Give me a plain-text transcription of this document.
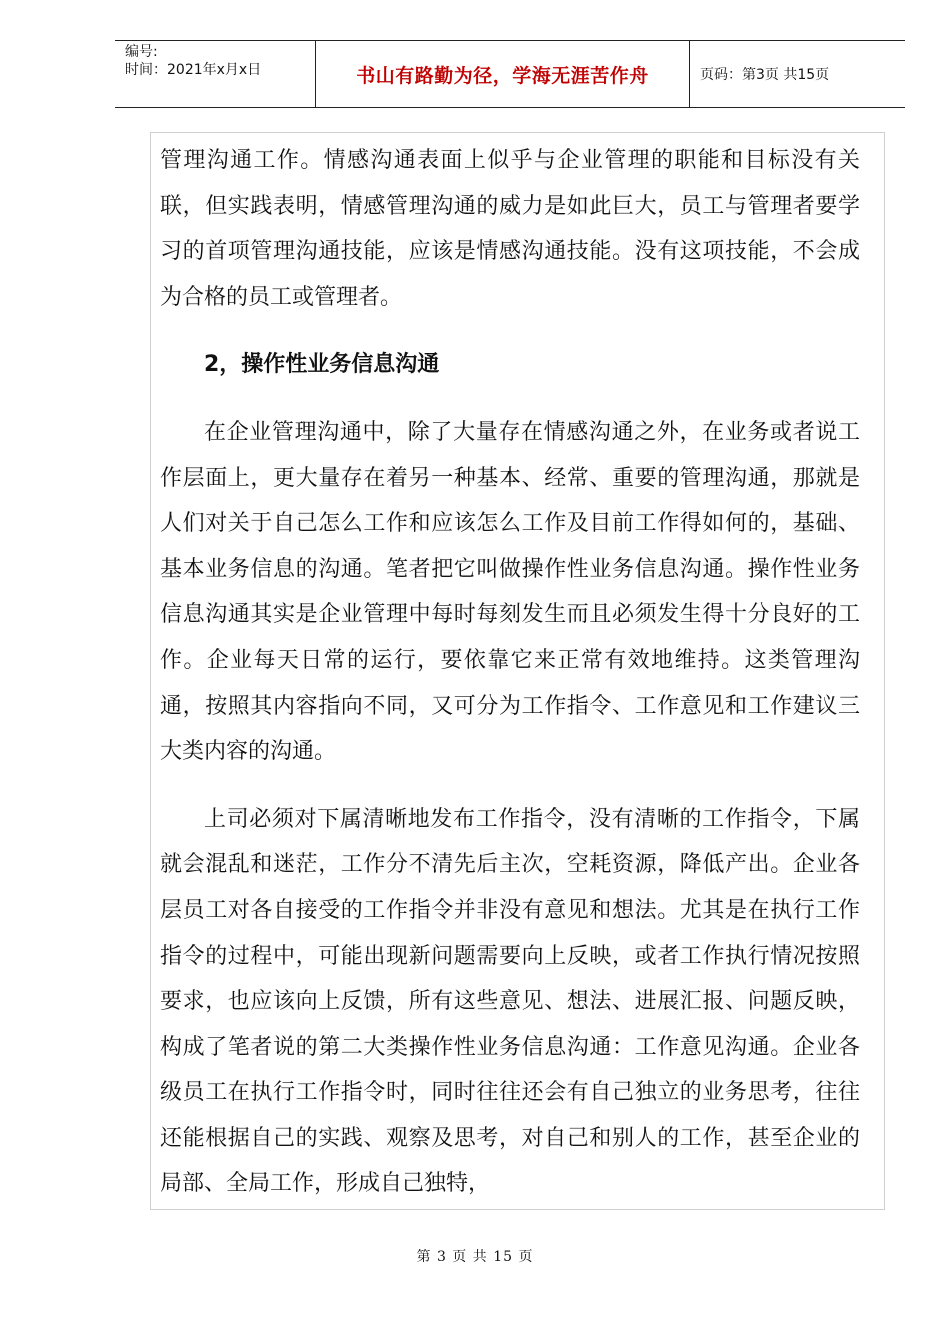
编号:
时间：2021年x月x日	书山有路勤为径，学海无涯苦作舟	页码：第3页 共15页

管理沟通工作。情感沟通表面上似乎与企业管理的职能和目标没有关联，但实践表明，情感管理沟通的威力是如此巨大，员工与管理者要学习的首项管理沟通技能，应该是情感沟通技能。没有这项技能，不会成为合格的员工或管理者。

2，操作性业务信息沟通

在企业管理沟通中，除了大量存在情感沟通之外，在业务或者说工作层面上，更大量存在着另一种基本、经常、重要的管理沟通，那就是人们对关于自己怎么工作和应该怎么工作及目前工作得如何的，基础、基本业务信息的沟通。笔者把它叫做操作性业务信息沟通。操作性业务信息沟通其实是企业管理中每时每刻发生而且必须发生得十分良好的工作。企业每天日常的运行，要依靠它来正常有效地维持。这类管理沟通，按照其内容指向不同，又可分为工作指令、工作意见和工作建议三大类内容的沟通。

上司必须对下属清晰地发布工作指令，没有清晰的工作指令，下属就会混乱和迷茫，工作分不清先后主次，空耗资源，降低产出。企业各层员工对各自接受的工作指令并非没有意见和想法。尤其是在执行工作指令的过程中，可能出现新问题需要向上反映，或者工作执行情况按照要求，也应该向上反馈，所有这些意见、想法、进展汇报、问题反映，构成了笔者说的第二大类操作性业务信息沟通：工作意见沟通。企业各级员工在执行工作指令时，同时往往还会有自己独立的业务思考，往往还能根据自己的实践、观察及思考，对自己和别人的工作，甚至企业的局部、全局工作，形成自己独特，

第 3 页 共 15 页
